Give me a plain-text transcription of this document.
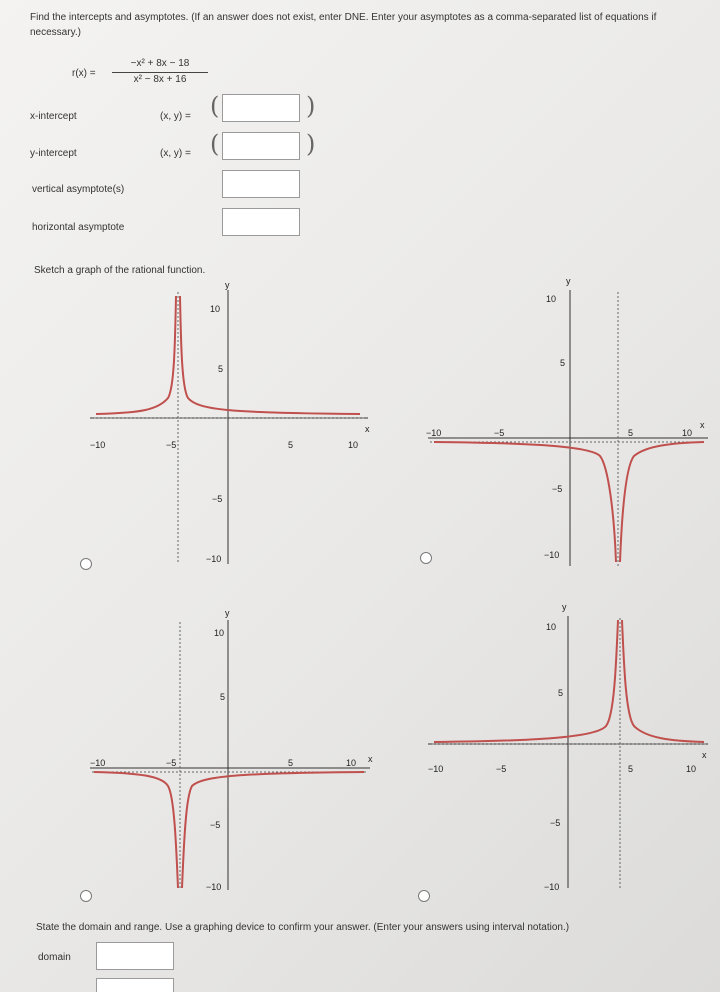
Find the intercepts and asymptotes. (If an answer does not exist, enter DNE. Enter your asymptotes as a comma-separated list of equations if necessary.)
r(x) =
−x² + 8x − 18
x² − 8x + 16
x-intercept	(x, y) = (	)
y-intercept	(x, y) = (	)
vertical asymptote(s)
horizontal asymptote
Sketch a graph of the rational function.
y
x
10
5
−5
−10
−10	−5	5	10
y
x
10
5
−5
−10
−10	−5	5	10
y
x
10
5
−5
−10
−10	−5	5	10
y
x
10
5
−5
−10
−10	−5	5	10
State the domain and range. Use a graphing device to confirm your answer. (Enter your answers using interval notation.)
domain
